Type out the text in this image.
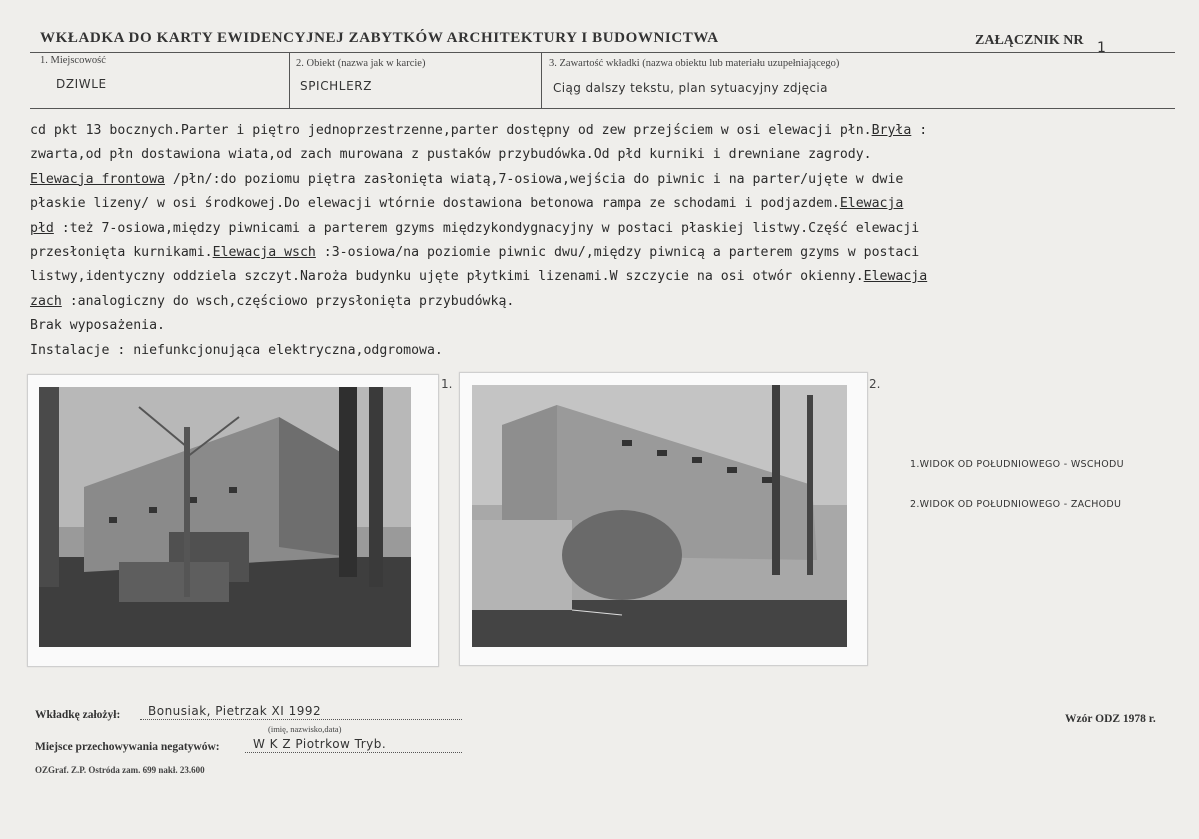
WKŁADKA DO KARTY EWIDENCYJNEJ ZABYTKÓW ARCHITEKTURY I BUDOWNICTWA	ZAŁĄCZNIK NR 1
1. Miejscowość
DZIWLE
2. Obiekt (nazwa jak w karcie)
SPICHLERZ
3. Zawartość wkładki (nazwa obiektu lub materiału uzupełniającego)
Ciąg dalszy tekstu, plan sytuacyjny zdjęcia
cd pkt 13 bocznych.Parter i piętro jednoprzestrzenne,parter dostępny od zew przejściem w osi elewacji płn.Bryła :
zwarta,od płn dostawiona wiata,od zach murowana z pustaków przybudówka.Od płd kurniki i drewniane zagrody.
Elewacja frontowa /płn/:do poziomu piętra zasłonięta wiatą,7-osiowa,wejścia do piwnic i na parter/ujęte w dwie
płaskie lizeny/ w osi środkowej.Do elewacji wtórnie dostawiona betonowa rampa ze schodami i podjazdem.Elewacja
płd :też 7-osiowa,między piwnicami a parterem gzyms międzykondygnacyjny w postaci płaskiej listwy.Część elewacji
przesłonięta kurnikami.Elewacja wsch :3-osiowa/na poziomie piwnic dwu/,między piwnicą a parterem gzyms w postaci
listwy,identyczny oddziela szczyt.Naroża budynku ujęte płytkimi lizenami.W szczycie na osi otwór okienny.Elewacja
zach :analogiczny do wsch,częściowo przysłonięta przybudówką.
Brak wyposażenia.
Instalacje : niefunkcjonująca elektryczna,odgromowa.
1.	2.
1.WIDOK OD POŁUDNIOWEGO - WSCHODU
2.WIDOK OD POŁUDNIOWEGO - ZACHODU
Wkładkę założył: Bonusiak, Pietrzak XI 1992
(imię, nazwisko,data)
Miejsce przechowywania negatywów:	W K Z Piotrkow Tryb.
OZGraf. Z.P. Ostróda zam. 699 nakł. 23.600
Wzór ODZ 1978 r.
